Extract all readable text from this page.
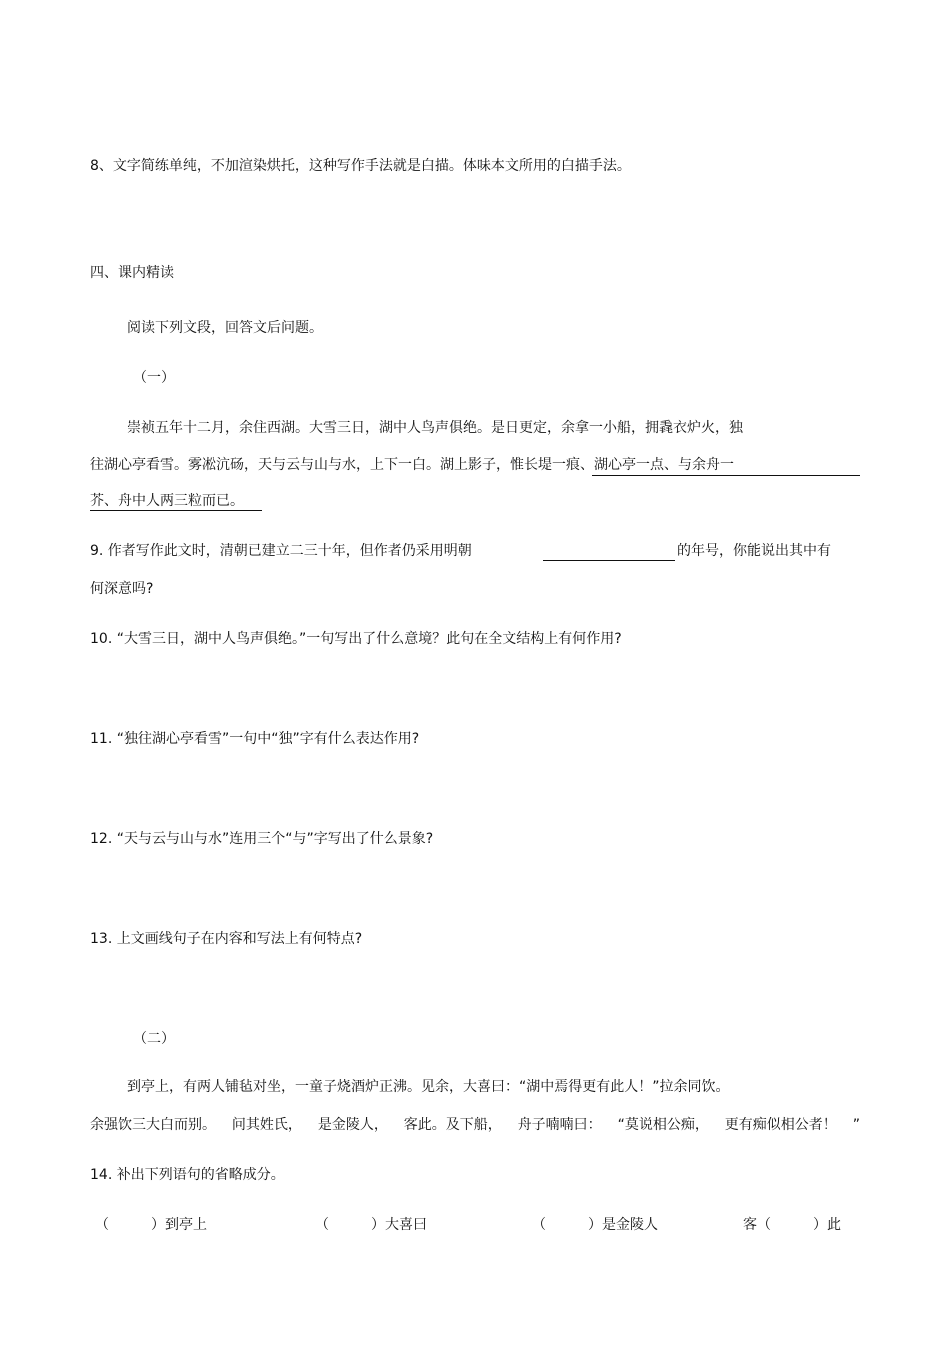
8、文字简练单纯，不加渲染烘托，这种写作手法就是白描。体味本文所用的白描手法。
四、课内精读
阅读下列文段，回答文后问题。
（一）
崇祯五年十二月，余住西湖。大雪三日，湖中人鸟声俱绝。是日更定，余拿一小船，拥毳衣炉火，独
往湖心亭看雪。雾凇沆砀，天与云与山与水，上下一白。湖上影子，惟长堤一痕、湖心亭一点、与余舟一
芥、舟中人两三粒而已。
9. 作者写作此文时，清朝已建立二三十年，但作者仍采用明朝	的年号，你能说出其中有
何深意吗?
10. “大雪三日，湖中人鸟声俱绝。”一句写出了什么意境？此句在全文结构上有何作用?
11. “独往湖心亭看雪”一句中“独”字有什么表达作用?
12. “天与云与山与水”连用三个“与”字写出了什么景象?
13. 上文画线句子在内容和写法上有何特点?
（二）
到亭上，有两人铺毡对坐，一童子烧酒炉正沸。见余，大喜曰：“湖中焉得更有此人！”拉余同饮。
余强饮三大白而别。 问其姓氏， 是金陵人， 客此。及下船， 舟子喃喃曰： “莫说相公痴， 更有痴似相公者！ ”
14. 补出下列语句的省略成分。
（　　　）到亭上	（　　　）大喜曰	（　　　）是金陵人	客（　　　）此
